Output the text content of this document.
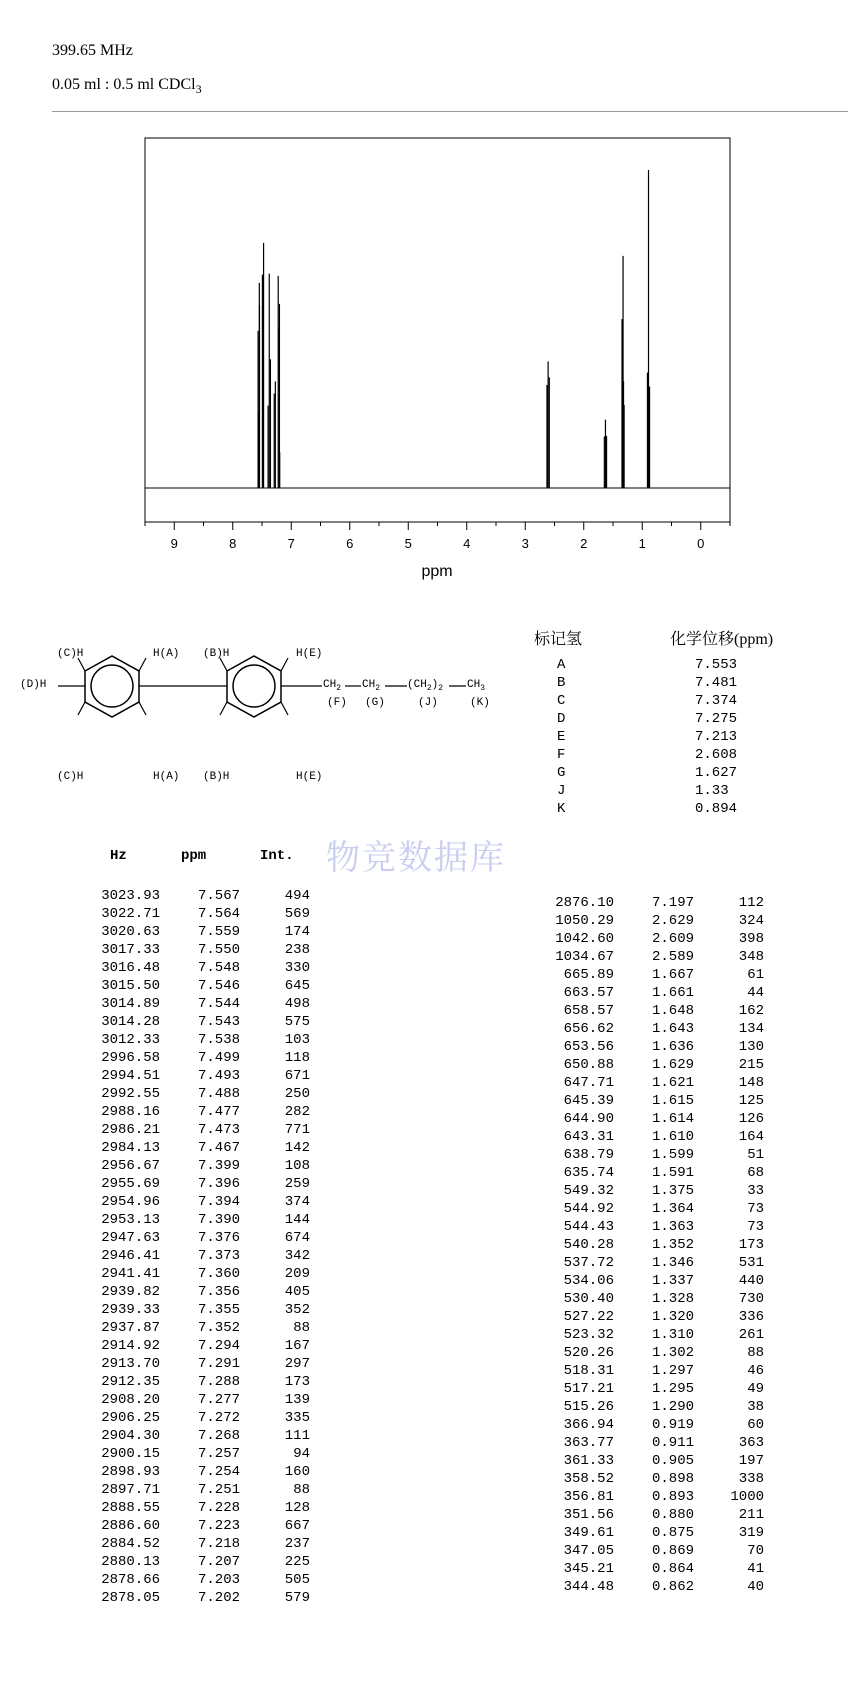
399.65 MHz
0.05 ml : 0.5 ml CDCl$_3$
9	8	7	6	5	4	3	2	1	0
ppm
(C)H	H(A) (B)H	H(E)
(D)H
(C)H	H(A) (B)H	H(E)
$CH_2$ $CH_2$ $(CH_2)_2$ $CH_3$
(F) (G)	(J)	(K)
标记氢	化学位移(ppm)
A	7.553
B	7.481
C	7.374
D	7.275
E	7.213
F	2.608
G	1.627
J	1.33
K	0.894
物竞数据库
Hz	ppm	Int.
3023.93	7.567	494
3022.71	7.564	569
3020.63	7.559	174
3017.33	7.550	238
3016.48	7.548	330
3015.50	7.546	645
3014.89	7.544	498
3014.28	7.543	575
3012.33	7.538	103
2996.58	7.499	118
2994.51	7.493	671
2992.55	7.488	250
2988.16	7.477	282
2986.21	7.473	771
2984.13	7.467	142
2956.67	7.399	108
2955.69	7.396	259
2954.96	7.394	374
2953.13	7.390	144
2947.63	7.376	674
2946.41	7.373	342
2941.41	7.360	209
2939.82	7.356	405
2939.33	7.355	352
2937.87	7.352	88
2914.92	7.294	167
2913.70	7.291	297
2912.35	7.288	173
2908.20	7.277	139
2906.25	7.272	335
2904.30	7.268	111
2900.15	7.257	94
2898.93	7.254	160
2897.71	7.251	88
2888.55	7.228	128
2886.60	7.223	667
2884.52	7.218	237
2880.13	7.207	225
2878.66	7.203	505
2878.05	7.202	579
2876.10	7.197	112
1050.29	2.629	324
1042.60	2.609	398
1034.67	2.589	348
665.89	1.667	61
663.57	1.661	44
658.57	1.648	162
656.62	1.643	134
653.56	1.636	130
650.88	1.629	215
647.71	1.621	148
645.39	1.615	125
644.90	1.614	126
643.31	1.610	164
638.79	1.599	51
635.74	1.591	68
549.32	1.375	33
544.92	1.364	73
544.43	1.363	73
540.28	1.352	173
537.72	1.346	531
534.06	1.337	440
530.40	1.328	730
527.22	1.320	336
523.32	1.310	261
520.26	1.302	88
518.31	1.297	46
517.21	1.295	49
515.26	1.290	38
366.94	0.919	60
363.77	0.911	363
361.33	0.905	197
358.52	0.898	338
356.81	0.893	1000
351.56	0.880	211
349.61	0.875	319
347.05	0.869	70
345.21	0.864	41
344.48	0.862	40
